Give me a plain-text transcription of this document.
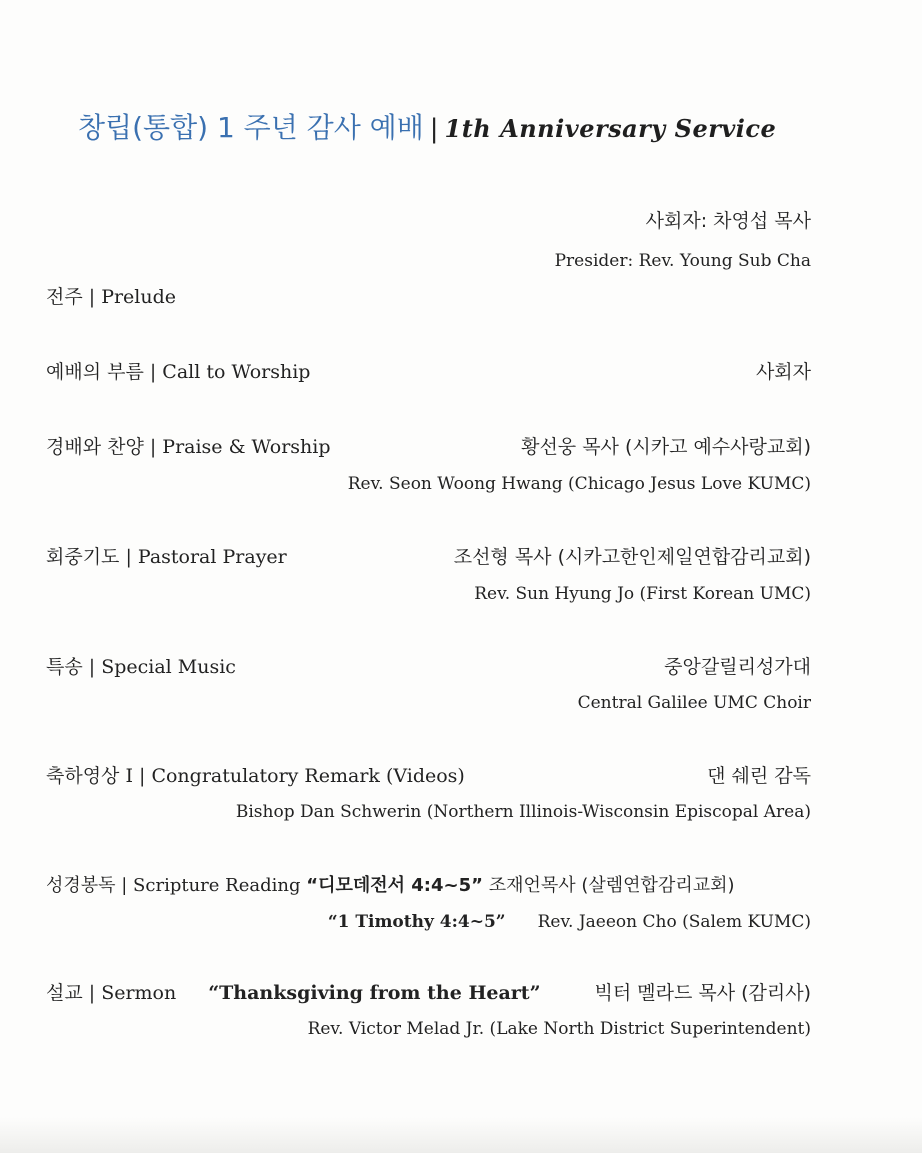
창립(통합) 1 주년 감사 예배 | 1th Anniversary Service
사회자: 차영섭 목사
Presider: Rev. Young Sub Cha
전주 | Prelude
예배의 부름 | Call to Worship	사회자
경배와 찬양 | Praise & Worship	황선웅 목사 (시카고 예수사랑교회)
Rev. Seon Woong Hwang (Chicago Jesus Love KUMC)
회중기도 | Pastoral Prayer	조선형 목사 (시카고한인제일연합감리교회)
Rev. Sun Hyung Jo (First Korean UMC)
특송 | Special Music	중앙갈릴리성가대
Central Galilee UMC Choir
축하영상 I | Congratulatory Remark (Videos)	댄 쉐린 감독
Bishop Dan Schwerin (Northern Illinois-Wisconsin Episcopal Area)
성경봉독 | Scripture Reading “디모데전서 4:4~5” 조재언목사 (살렘연합감리교회)
“1 Timothy 4:4~5” Rev. Jaeeon Cho (Salem KUMC)
설교 | Sermon “Thanksgiving from the Heart”	빅터 멜라드 목사 (감리사)
Rev. Victor Melad Jr. (Lake North District Superintendent)
